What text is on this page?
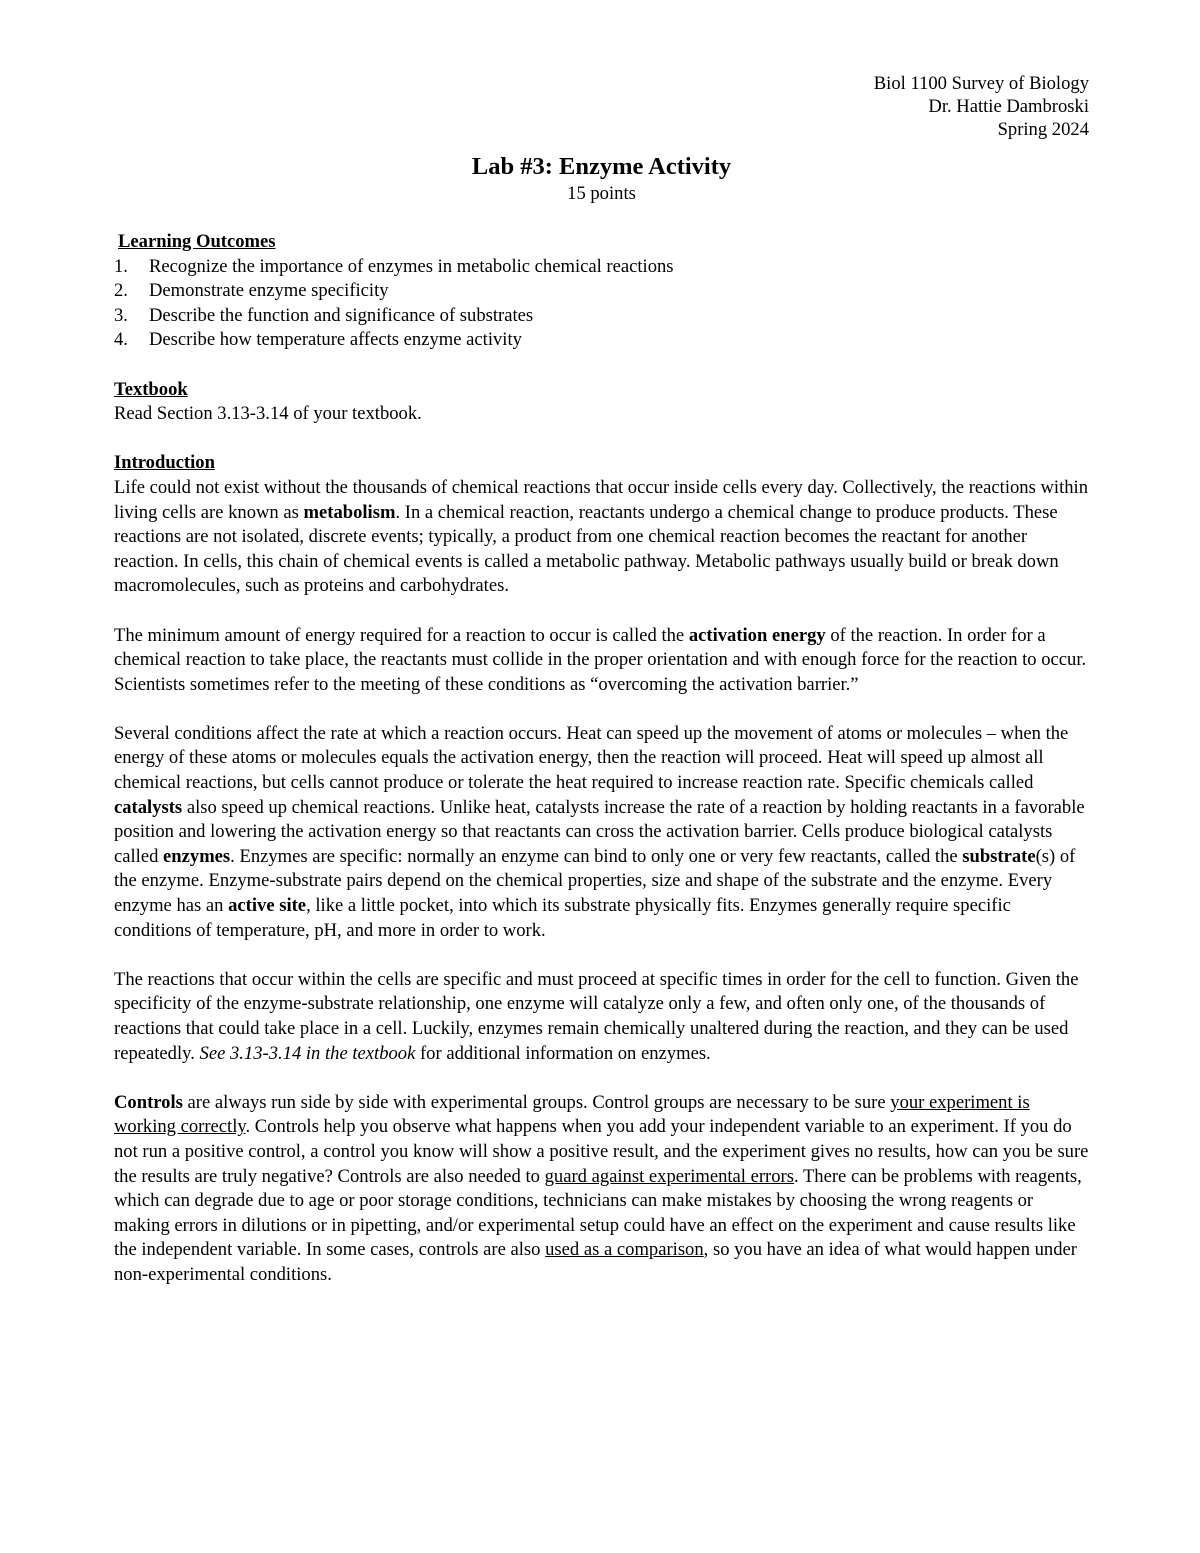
Biol 1100 Survey of Biology
Dr. Hattie Dambroski
Spring 2024
Lab #3: Enzyme Activity
15 points
Learning Outcomes
1.	Recognize the importance of enzymes in metabolic chemical reactions
2.	Demonstrate enzyme specificity
3.	Describe the function and significance of substrates
4.	Describe how temperature affects enzyme activity
Textbook

Read Section 3.13-3.14 of your textbook.

Introduction

Life could not exist without the thousands of chemical reactions that occur inside cells every day. Collectively, the reactions within living cells are known as metabolism. In a chemical reaction, reactants undergo a chemical change to produce products. These reactions are not isolated, discrete events; typically, a product from one chemical reaction becomes the reactant for another reaction. In cells, this chain of chemical events is called a metabolic pathway. Metabolic pathways usually build or break down macromolecules, such as proteins and carbohydrates.

The minimum amount of energy required for a reaction to occur is called the activation energy of the reaction. In order for a chemical reaction to take place, the reactants must collide in the proper orientation and with enough force for the reaction to occur. Scientists sometimes refer to the meeting of these conditions as “overcoming the activation barrier.”

Several conditions affect the rate at which a reaction occurs. Heat can speed up the movement of atoms or molecules – when the energy of these atoms or molecules equals the activation energy, then the reaction will proceed. Heat will speed up almost all chemical reactions, but cells cannot produce or tolerate the heat required to increase reaction rate. Specific chemicals called catalysts also speed up chemical reactions. Unlike heat, catalysts increase the rate of a reaction by holding reactants in a favorable position and lowering the activation energy so that reactants can cross the activation barrier. Cells produce biological catalysts called enzymes. Enzymes are specific: normally an enzyme can bind to only one or very few reactants, called the substrate(s) of the enzyme. Enzyme-substrate pairs depend on the chemical properties, size and shape of the substrate and the enzyme. Every enzyme has an active site, like a little pocket, into which its substrate physically fits. Enzymes generally require specific conditions of temperature, pH, and more in order to work.

The reactions that occur within the cells are specific and must proceed at specific times in order for the cell to function. Given the specificity of the enzyme-substrate relationship, one enzyme will catalyze only a few, and often only one, of the thousands of reactions that could take place in a cell. Luckily, enzymes remain chemically unaltered during the reaction, and they can be used repeatedly. See 3.13-3.14 in the textbook for additional information on enzymes.

Controls are always run side by side with experimental groups. Control groups are necessary to be sure your experiment is working correctly. Controls help you observe what happens when you add your independent variable to an experiment. If you do not run a positive control, a control you know will show a positive result, and the experiment gives no results, how can you be sure the results are truly negative? Controls are also needed to guard against experimental errors. There can be problems with reagents, which can degrade due to age or poor storage conditions, technicians can make mistakes by choosing the wrong reagents or making errors in dilutions or in pipetting, and/or experimental setup could have an effect on the experiment and cause results like the independent variable. In some cases, controls are also used as a comparison, so you have an idea of what would happen under non-experimental conditions.
